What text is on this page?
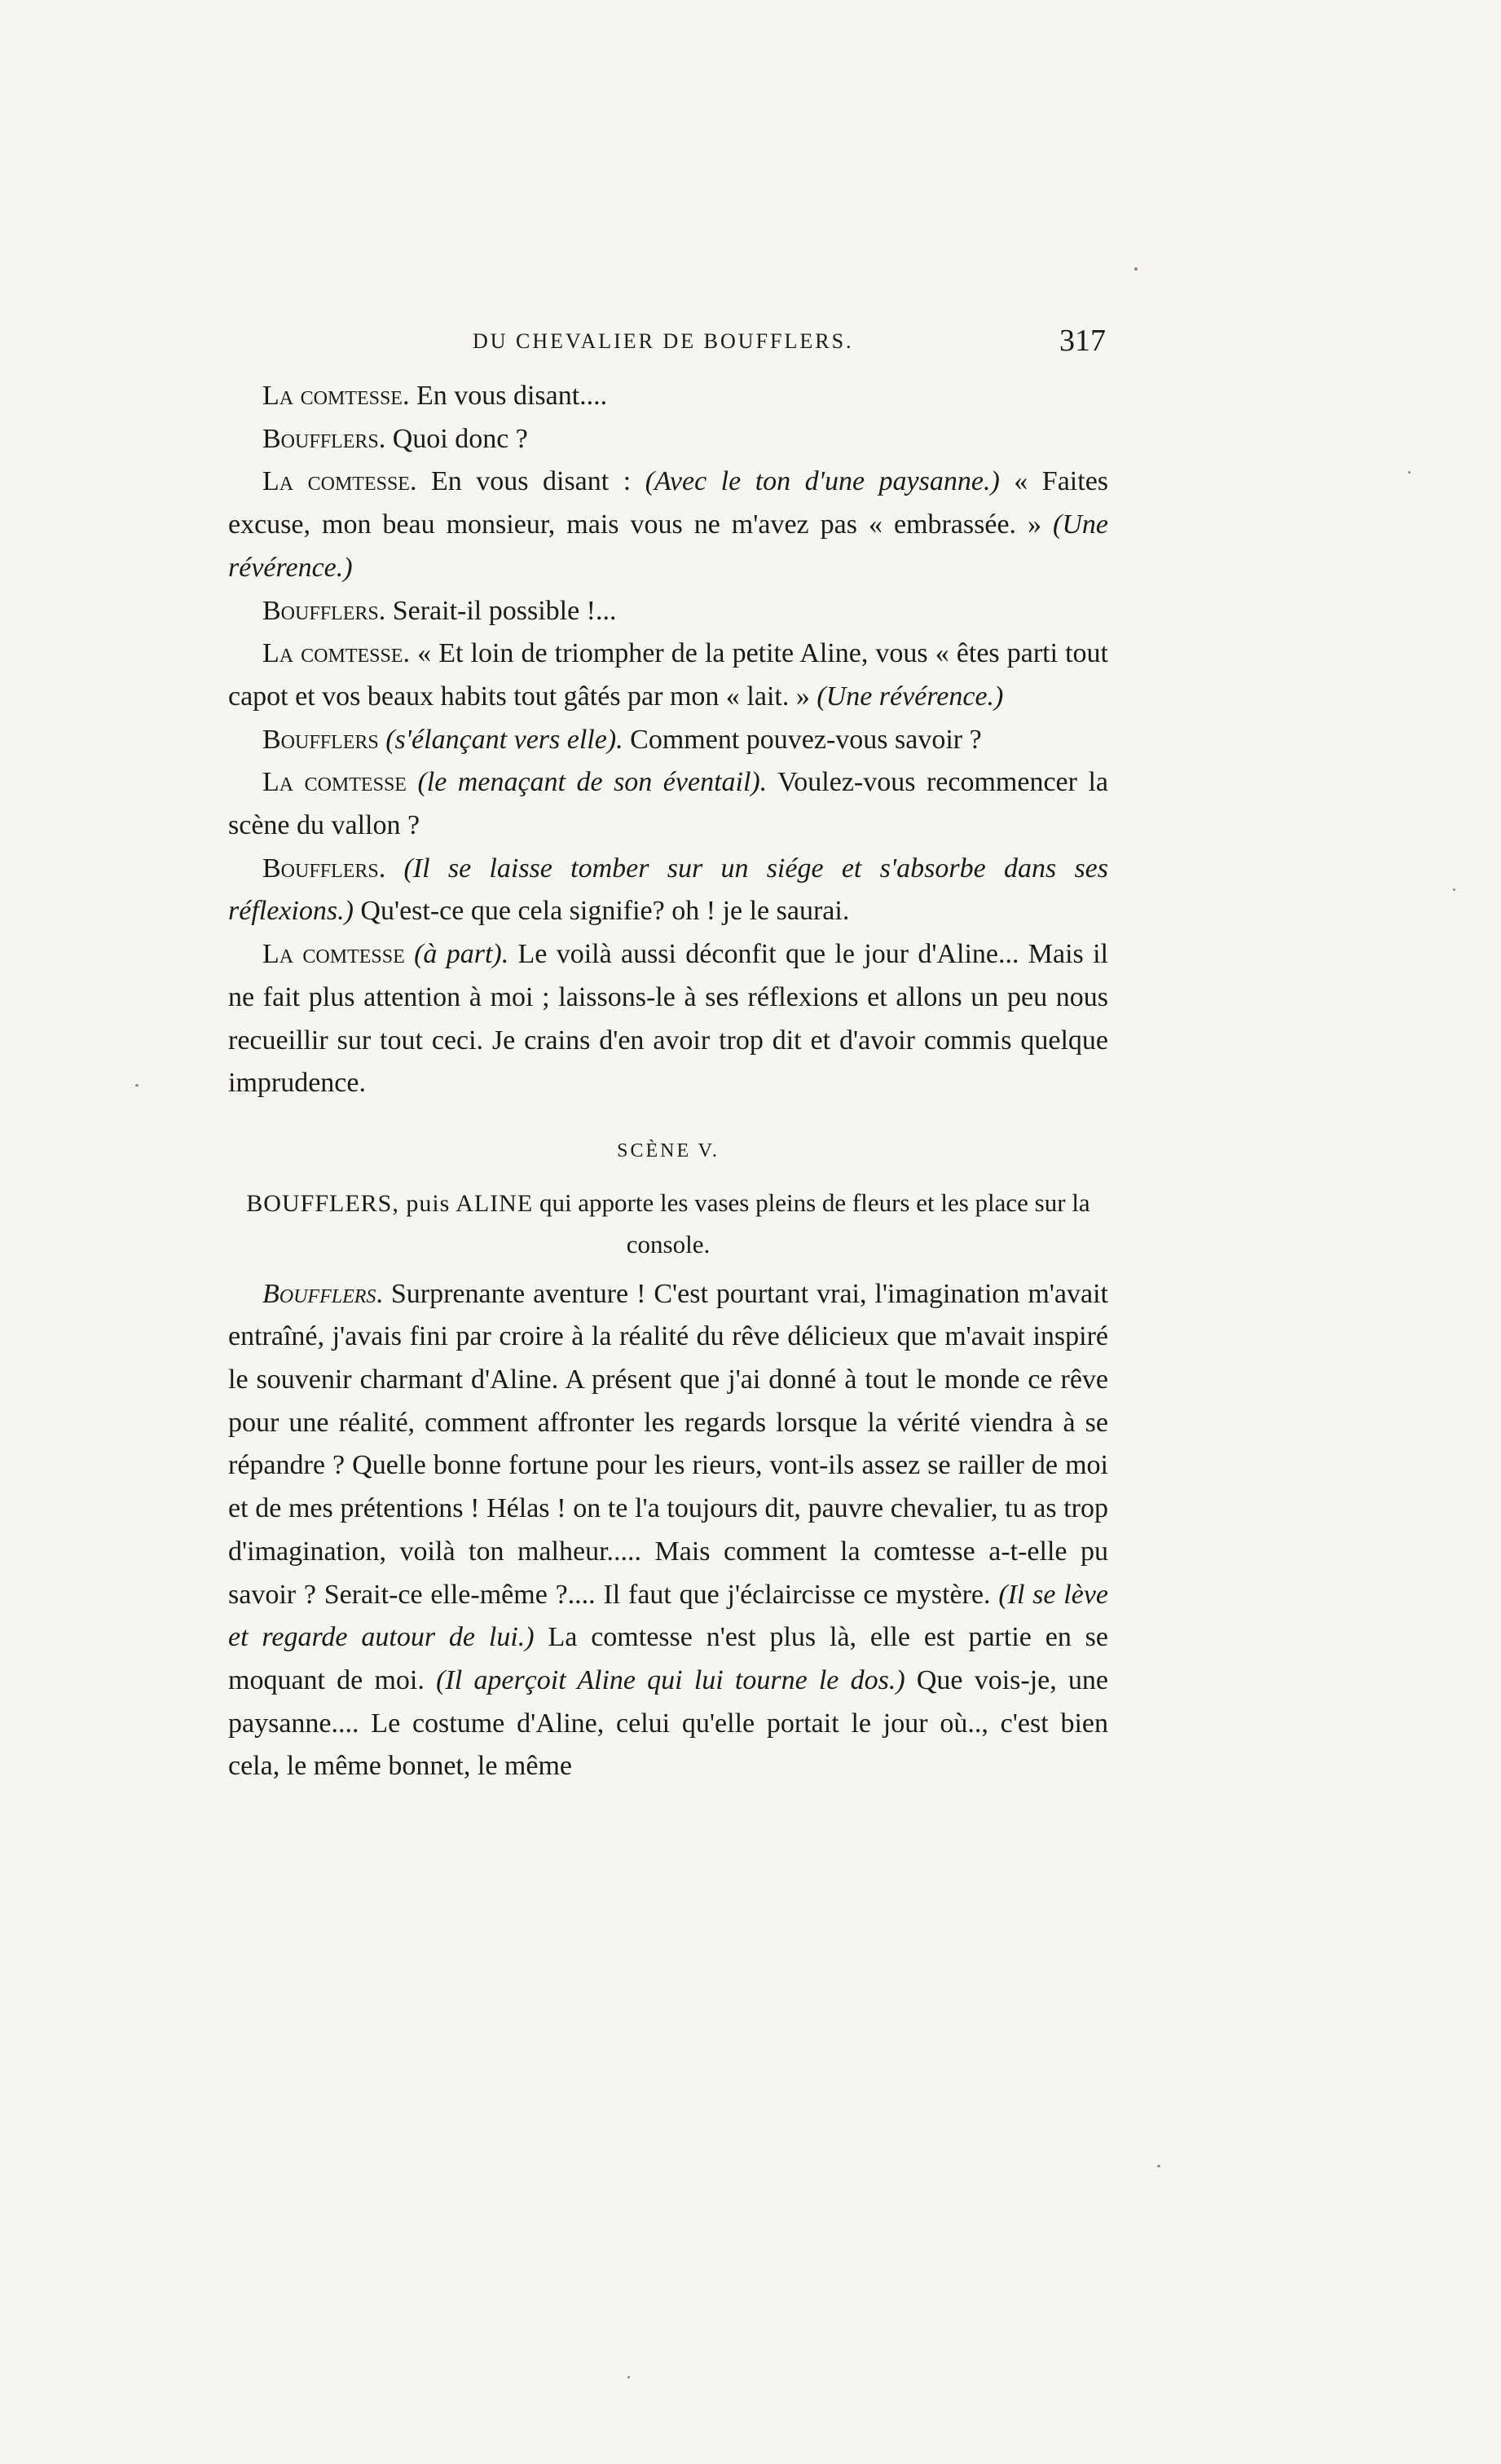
DU CHEVALIER DE BOUFFLERS.	317

La comtesse. En vous disant....

Boufflers. Quoi donc ?

La comtesse. En vous disant : (Avec le ton d'une paysanne.) « Faites excuse, mon beau monsieur, mais vous ne m'avez pas « embrassée. » (Une révérence.)

Boufflers. Serait-il possible !...

La comtesse. « Et loin de triompher de la petite Aline, vous « êtes parti tout capot et vos beaux habits tout gâtés par mon « lait. » (Une révérence.)

Boufflers (s'élançant vers elle). Comment pouvez-vous savoir ?

La comtesse (le menaçant de son éventail). Voulez-vous recommencer la scène du vallon ?

Boufflers. (Il se laisse tomber sur un siége et s'absorbe dans ses réflexions.) Qu'est-ce que cela signifie? oh ! je le saurai.

La comtesse (à part). Le voilà aussi déconfit que le jour d'Aline... Mais il ne fait plus attention à moi ; laissons-le à ses réflexions et allons un peu nous recueillir sur tout ceci. Je crains d'en avoir trop dit et d'avoir commis quelque imprudence.

SCÈNE V.

BOUFFLERS, puis ALINE qui apporte les vases pleins de fleurs et les place sur la console.

Boufflers. Surprenante aventure ! C'est pourtant vrai, l'imagination m'avait entraîné, j'avais fini par croire à la réalité du rêve délicieux que m'avait inspiré le souvenir charmant d'Aline. A présent que j'ai donné à tout le monde ce rêve pour une réalité, comment affronter les regards lorsque la vérité viendra à se répandre ? Quelle bonne fortune pour les rieurs, vont-ils assez se railler de moi et de mes prétentions ! Hélas ! on te l'a toujours dit, pauvre chevalier, tu as trop d'imagination, voilà ton malheur..... Mais comment la comtesse a-t-elle pu savoir ? Serait-ce elle-même ?.... Il faut que j'éclaircisse ce mystère. (Il se lève et regarde autour de lui.) La comtesse n'est plus là, elle est partie en se moquant de moi. (Il aperçoit Aline qui lui tourne le dos.) Que vois-je, une paysanne.... Le costume d'Aline, celui qu'elle portait le jour où.., c'est bien cela, le même bonnet, le même
